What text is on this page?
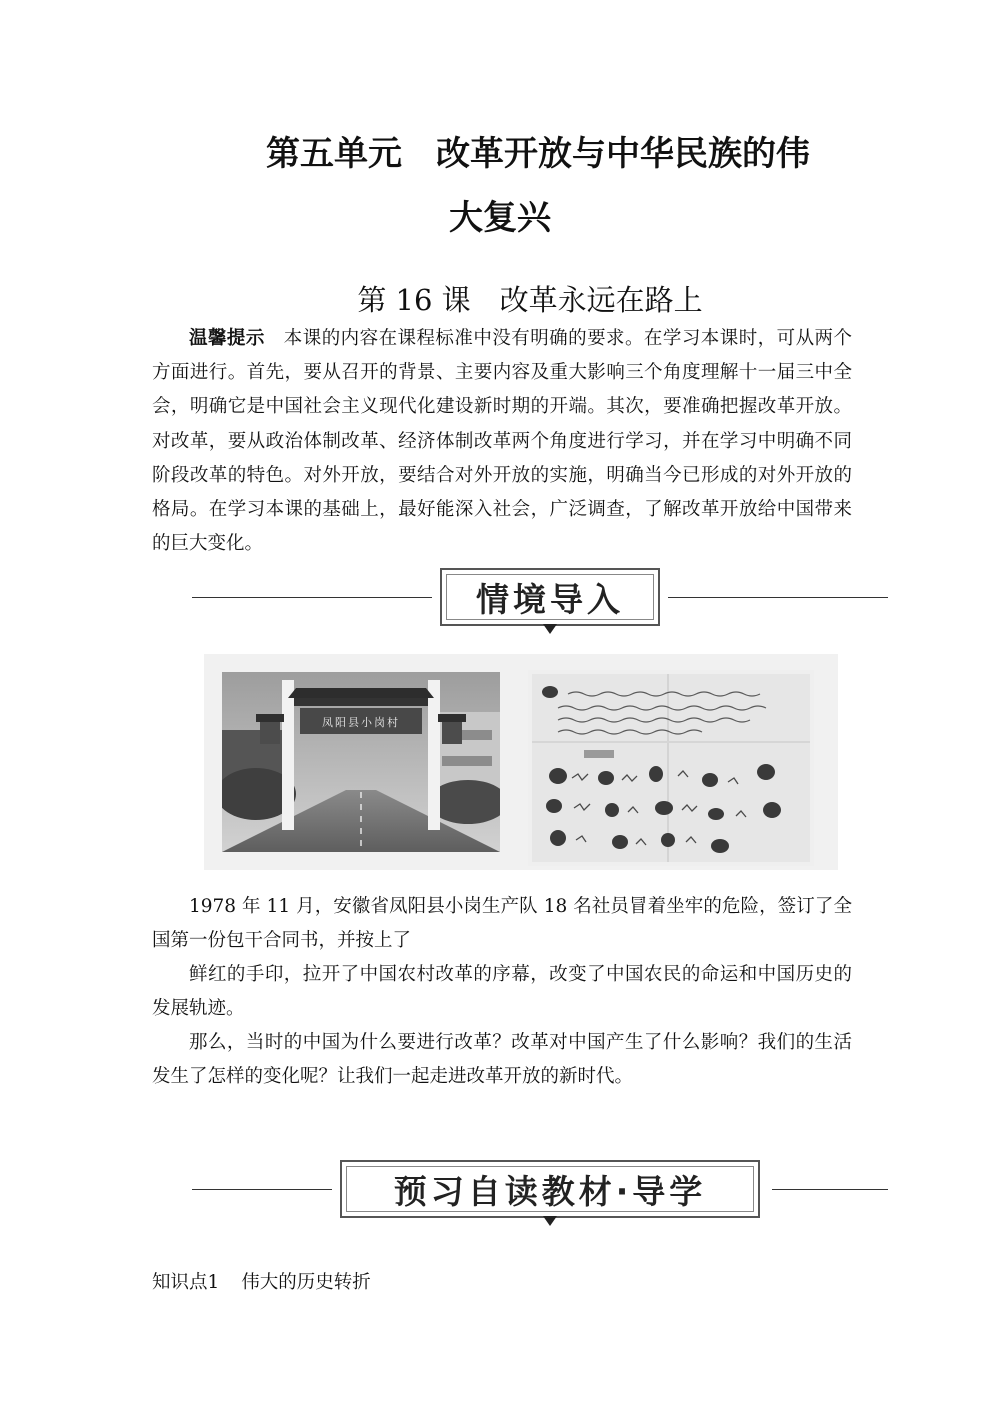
第五单元　改革开放与中华民族的伟
大复兴
第 16 课　改革永远在路上

温馨提示　 本课的内容在课程标准中没有明确的要求。在学习本课时，可从两个方面进行。首先，要从召开的背景、主要内容及重大影响三个角度理解十一届三中全会，明确它是中国社会主义现代化建设新时期的开端。其次，要准确把握改革开放。对改革，要从政治体制改革、经济体制改革两个角度进行学习，并在学习中明确不同阶段改革的特色。对外开放，要结合对外开放的实施，明确当今已形成的对外开放的格局。在学习本课的基础上，最好能深入社会，广泛调查，了解改革开放给中国带来的巨大变化。

情境导入
凤阳县小岗村

1978 年 11 月，安徽省凤阳县小岗生产队 18 名社员冒着坐牢的危险，签订了全国第一份包干合同书，并按上了

鲜红的手印，拉开了中国农村改革的序幕，改变了中国农民的命运和中国历史的发展轨迹。

那么，当时的中国为什么要进行改革？改革对中国产生了什么影响？我们的生活发生了怎样的变化呢？让我们一起走进改革开放的新时代。

预习自读教材·导学
知识点1 伟大的历史转折
